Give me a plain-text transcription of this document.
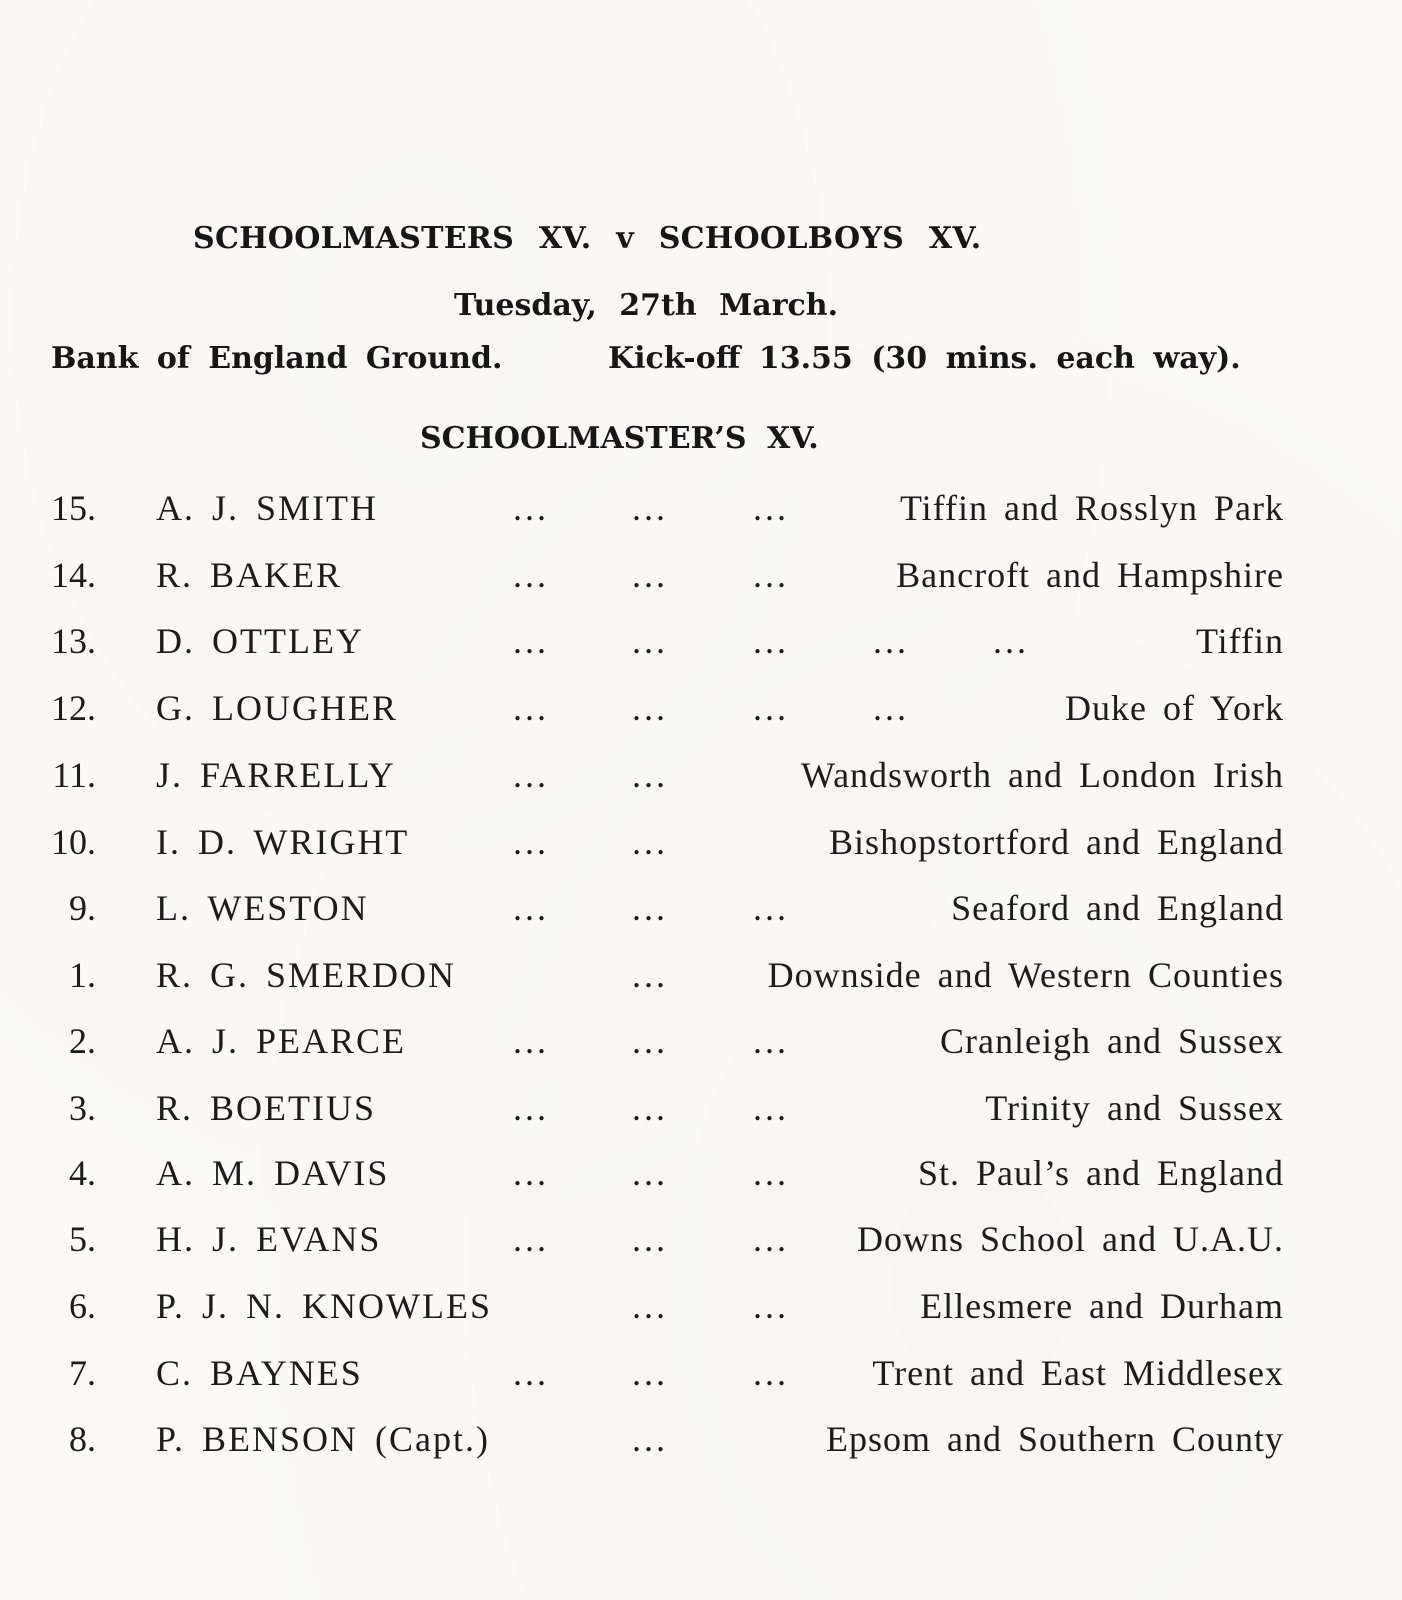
SCHOOLMASTERS XV. v SCHOOLBOYS XV.
Tuesday, 27th March.
Bank of England Ground.	Kick-off 13.55 (30 mins. each way).
SCHOOLMASTER’S XV.
15. A. J. SMITH	... ... ...	Tiffin and Rosslyn Park
14. R. BAKER	... ... ...	Bancroft and Hampshire
13. D. OTTLEY	... ... ... ... ...	Tiffin
12. G. LOUGHER	... ... ... ...	Duke of York
11. J. FARRELLY	... ...	Wandsworth and London Irish
10. I. D. WRIGHT	... ...	Bishopstortford and England
9. L. WESTON	... ... ...	Seaford and England
1. R. G. SMERDON	...	Downside and Western Counties
2. A. J. PEARCE	... ... ...	Cranleigh and Sussex
3. R. BOETIUS	... ... ...	Trinity and Sussex
4. A. M. DAVIS	... ... ...	St. Paul’s and England
5. H. J. EVANS	... ... ... Downs School and U.A.U.
6. P. J. N. KNOWLES	... ...	Ellesmere and Durham
7. C. BAYNES	... ... ... Trent and East Middlesex
8. P. BENSON (Capt.)	...	Epsom and Southern County
